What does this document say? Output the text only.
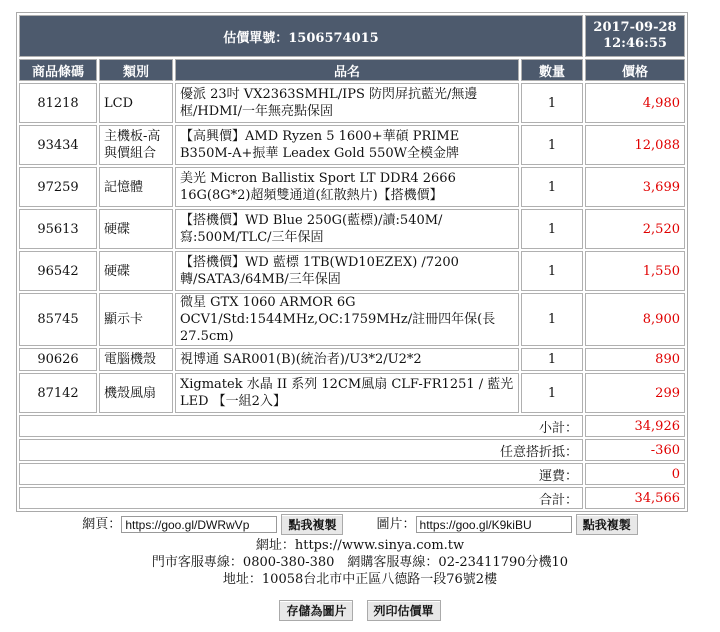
估價單號：1506574015				2017-09-28
12:46:55

商品條碼	類別	品名	數量	價格
81218	LCD	優派 23吋 VX2363SMHL/IPS 防閃屏抗藍光/無邊框/HDMI/一年無亮點保固	1	4,980
93434	主機板-高與價組合	【高興價】AMD Ryzen 5 1600+華碩 PRIME B350M-A+振華 Leadex Gold 550W全模金牌	1	12,088
97259	記憶體	美光 Micron Ballistix Sport LT DDR4 2666 16G(8G*2)超頻雙通道(紅散熱片)【搭機價】	1	3,699
95613	硬碟	【搭機價】WD Blue 250G(藍標)/讀:540M/寫:500M/TLC/三年保固	1	2,520
96542	硬碟	【搭機價】WD 藍標 1TB(WD10EZEX) /7200轉/SATA3/64MB/三年保固	1	1,550
85745	顯示卡	微星 GTX 1060 ARMOR 6G OCV1/Std:1544MHz,OC:1759MHz/註冊四年保(長27.5cm)	1	8,900
90626	電腦機殼	視博通 SAR001(B)(統治者)/U3*2/U2*2	1	890
87142	機殼風扇	Xigmatek 水晶 II 系列 12CM風扇 CLF-FR1251 / 藍光LED 【一組2入】	1	299
小計：				34,926
任意搭折抵：				-360
運費：				0
合計：				34,566
網頁： https://goo.gl/DWRwVp	點我複製	圖片： https://goo.gl/K9kiBU	點我複製
網址：https://www.sinya.com.tw
門市客服專線：0800-380-380　網購客服專線：02-23411790分機10
地址：10058台北市中正區八德路一段76號2樓
存儲為圖片 列印估價單
